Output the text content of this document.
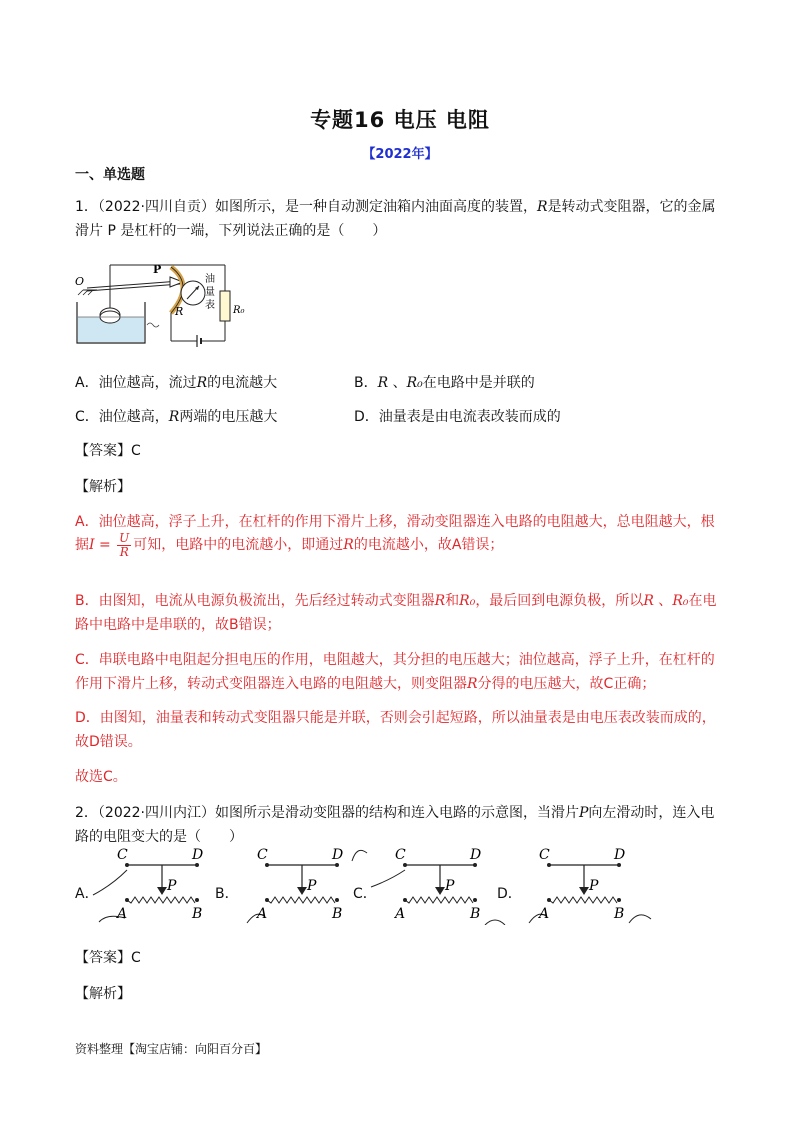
专题16 电压 电阻
【2022年】
一、单选题
1．（2022·四川自贡）如图所示，是一种自动测定油箱内油面高度的装置，R是转动式变阻器，它的金属
滑片 P 是杠杆的一端，下列说法正确的是（　　）
O
P
R
油
量
表 R₀
A．油位越高，流过R的电流越大	B．R 、R₀在电路中是并联的
C．油位越高，R两端的电压越大	D．油量表是由电流表改装而成的
【答案】C
【解析】
A．油位越高，浮子上升，在杠杆的作用下滑片上移，滑动变阻器连入电路的电阻越大，总电阻越大，根
据$I = \frac{U}{R}$ 可知，电路中的电流越小，即通过R的电流越小，故A错误；
B．由图知，电流从电源负极流出，先后经过转动式变阻器R和R₀，最后回到电源负极，所以R 、R₀在电
路中电路中是串联的，故B错误；
C．串联电路中电阻起分担电压的作用，电阻越大，其分担的电压越大；油位越高，浮子上升，在杠杆的
作用下滑片上移，转动式变阻器连入电路的电阻越大，则变阻器R分得的电压越大，故C正确；
D．由图知，油量表和转动式变阻器只能是并联，否则会引起短路，所以油量表是由电压表改装而成的，
故D错误。
故选C。
2．（2022·四川内江）如图所示是滑动变阻器的结构和连入电路的示意图，当滑片P向左滑动时，连入电
路的电阻变大的是（　　）
A．
C	D
P
A	B
B．
C	D
P
A	B
C．
C	D
P
A	B
D．
C	D
P
A	B
【答案】C
【解析】
资料整理【淘宝店铺：向阳百分百】
